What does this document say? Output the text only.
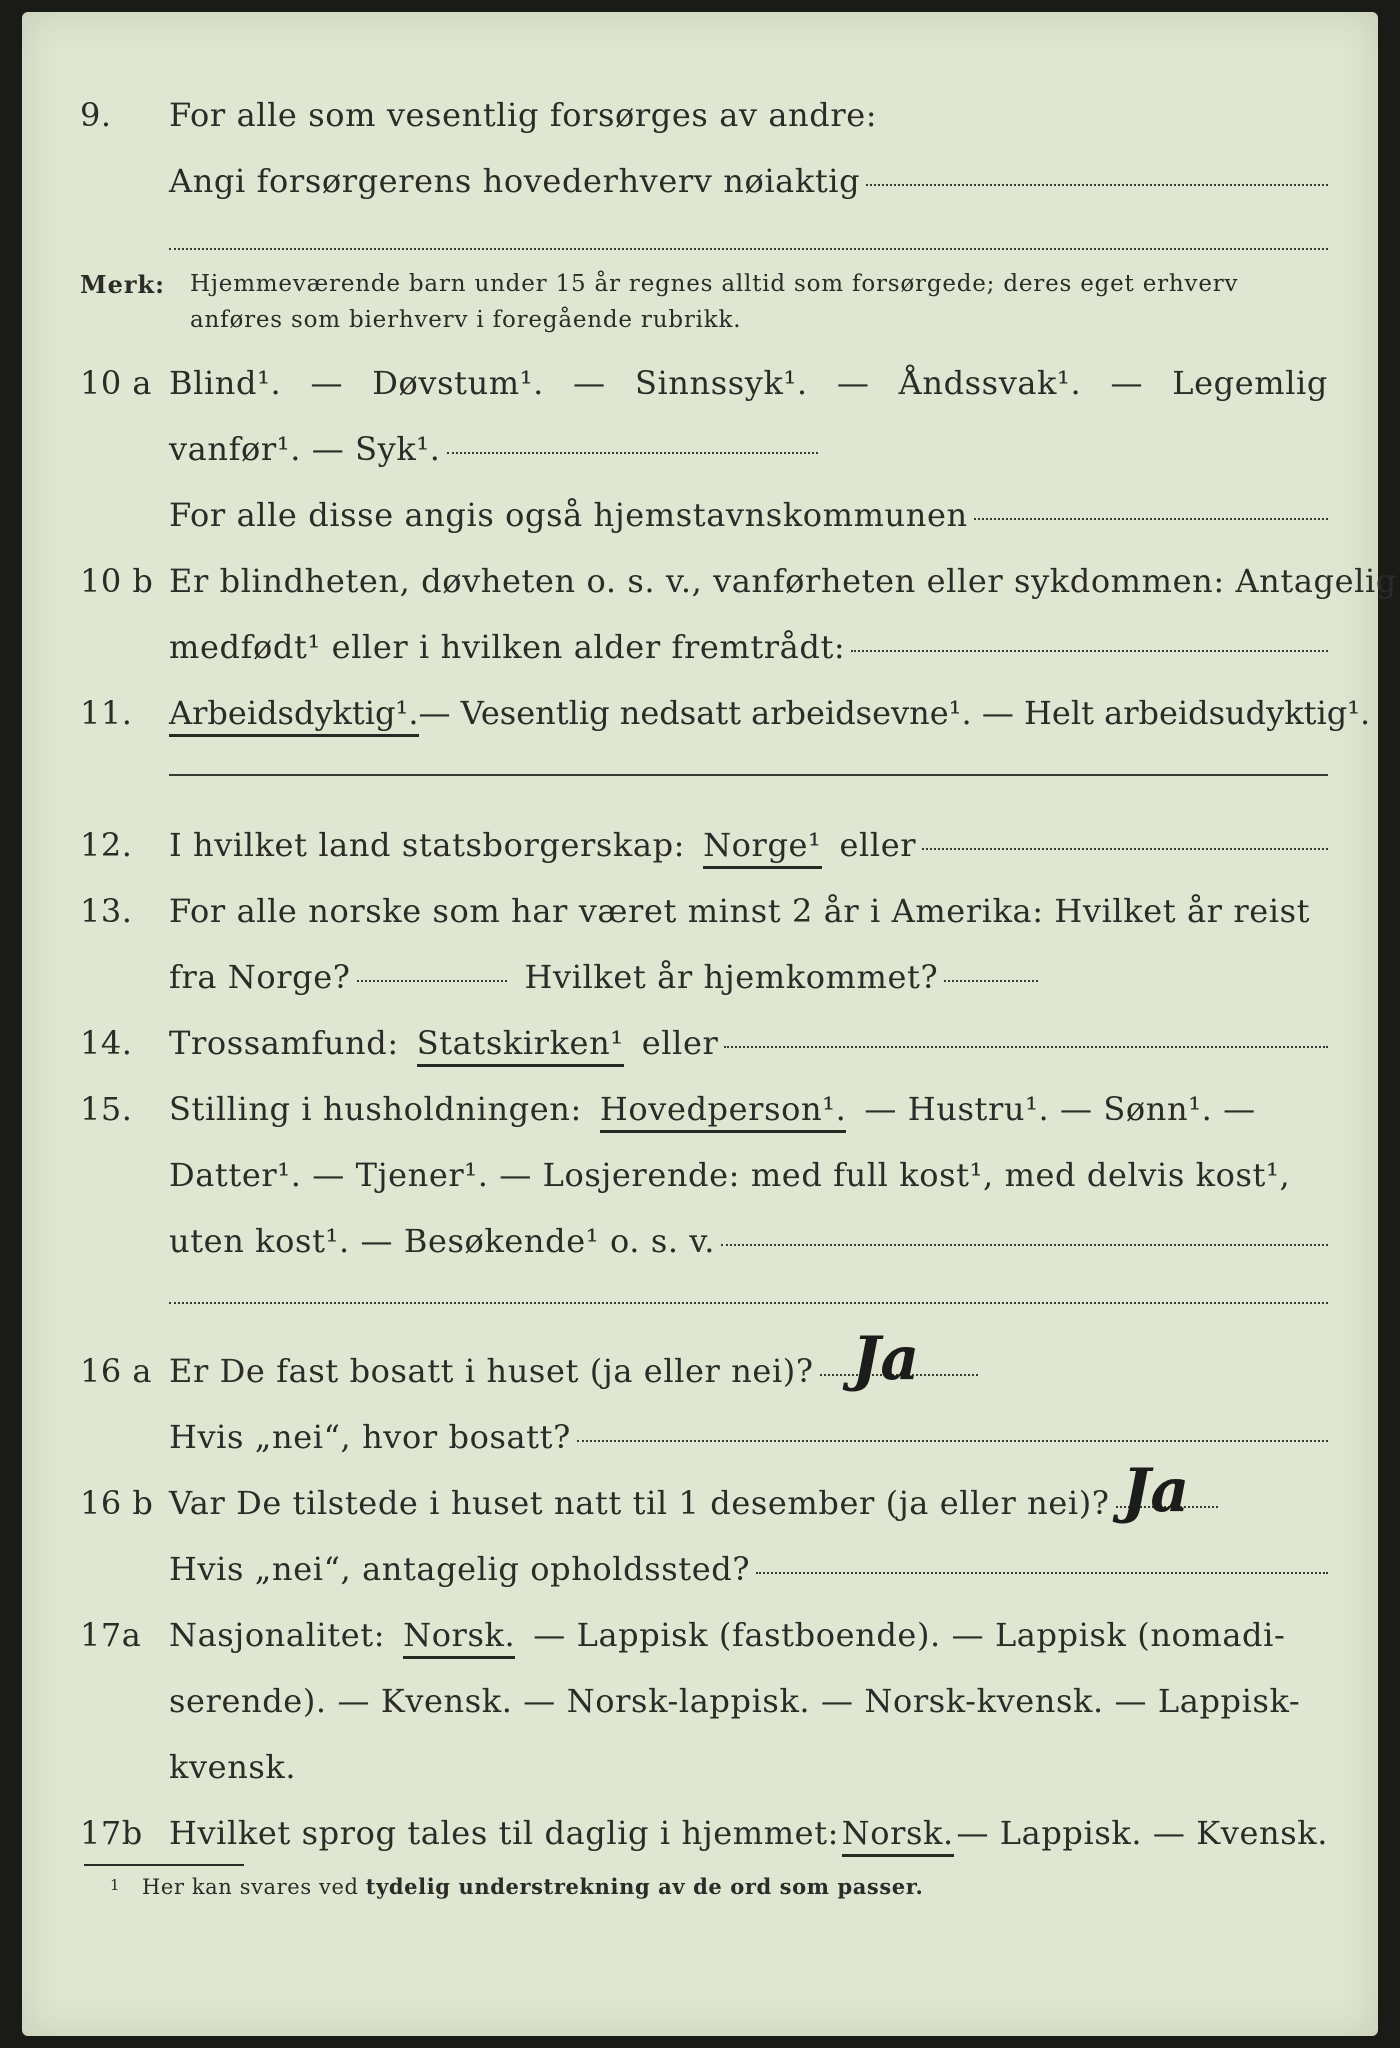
9.	For alle som vesentlig forsørges av andre:
Angi forsørgerens hovederhverv nøiaktig
Merk: Hjemmeværende barn under 15 år regnes alltid som forsørgede; deres eget erhverv anføres som bierhverv i foregående rubrikk.
10 a Blind¹. — Døvstum¹. — Sinnssyk¹. — Åndssvak¹. — Legemlig
vanfør¹. — Syk¹.
For alle disse angis også hjemstavnskommunen
10 b Er blindheten, døvheten o. s. v., vanførheten eller sykdommen: Antagelig
medfødt¹ eller i hvilken alder fremtrådt:
11.	Arbeidsdyktig¹. — Vesentlig nedsatt arbeidsevne¹. — Helt arbeidsudyktig¹.
12.	I hvilket land statsborgerskap: Norge¹ eller
13.	For alle norske som har været minst 2 år i Amerika: Hvilket år reist
fra Norge?	Hvilket år hjemkommet?
14.	Trossamfund: Statskirken¹ eller
15.	Stilling i husholdningen: Hovedperson¹. — Hustru¹. — Sønn¹. —
Datter¹. — Tjener¹. — Losjerende: med full kost¹, med delvis kost¹,
uten kost¹. — Besøkende¹ o. s. v.
16 a Er De fast bosatt i huset (ja eller nei)? Ja
Hvis „nei“, hvor bosatt?
16 b Var De tilstede i huset natt til 1 desember (ja eller nei)? Ja
Hvis „nei“, antagelig opholdssted?
17a Nasjonalitet: Norsk. — Lappisk (fastboende). — Lappisk (nomadi-
serende). — Kvensk. — Norsk-lappisk. — Norsk-kvensk. — Lappisk-
kvensk.
17b Hvilket sprog tales til daglig i hjemmet: Norsk. — Lappisk. — Kvensk.
1 Her kan svares ved tydelig understrekning av de ord som passer.
